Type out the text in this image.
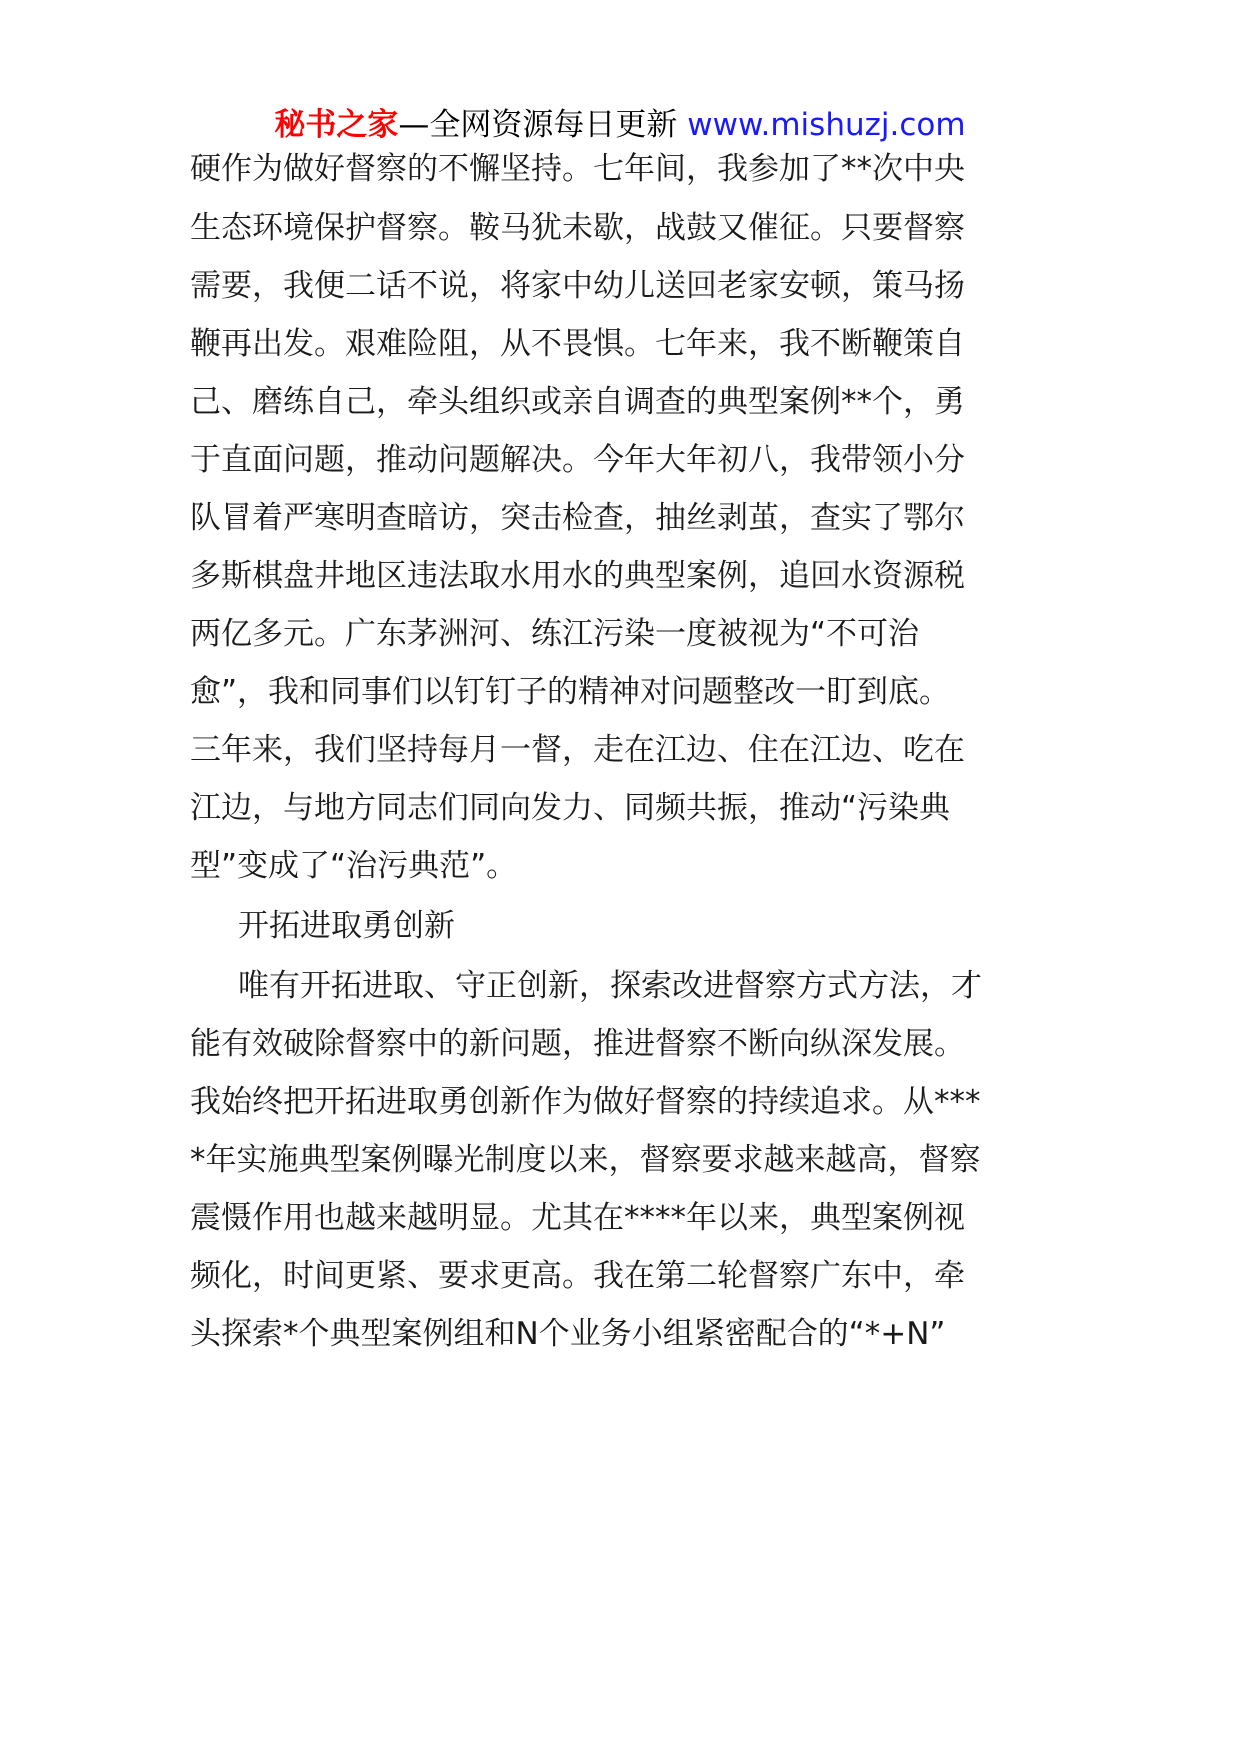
秘书之家—全网资源每日更新 www.mishuzj.com
硬作为做好督察的不懈坚持。七年间，我参加了**次中央
生态环境保护督察。鞍马犹未歇，战鼓又催征。只要督察
需要，我便二话不说，将家中幼儿送回老家安顿，策马扬
鞭再出发。艰难险阻，从不畏惧。七年来，我不断鞭策自
己、磨练自己，牵头组织或亲自调查的典型案例**个，勇
于直面问题，推动问题解决。今年大年初八，我带领小分
队冒着严寒明查暗访，突击检查，抽丝剥茧，查实了鄂尔
多斯棋盘井地区违法取水用水的典型案例，追回水资源税
两亿多元。广东茅洲河、练江污染一度被视为“不可治
愈”，我和同事们以钉钉子的精神对问题整改一盯到底。
三年来，我们坚持每月一督，走在江边、住在江边、吃在
江边，与地方同志们同向发力、同频共振，推动“污染典
型”变成了“治污典范”。
开拓进取勇创新
唯有开拓进取、守正创新，探索改进督察方式方法，才
能有效破除督察中的新问题，推进督察不断向纵深发展。
我始终把开拓进取勇创新作为做好督察的持续追求。从***
*年实施典型案例曝光制度以来，督察要求越来越高，督察
震慑作用也越来越明显。尤其在****年以来，典型案例视
频化，时间更紧、要求更高。我在第二轮督察广东中，牵
头探索*个典型案例组和N个业务小组紧密配合的“*+N”
